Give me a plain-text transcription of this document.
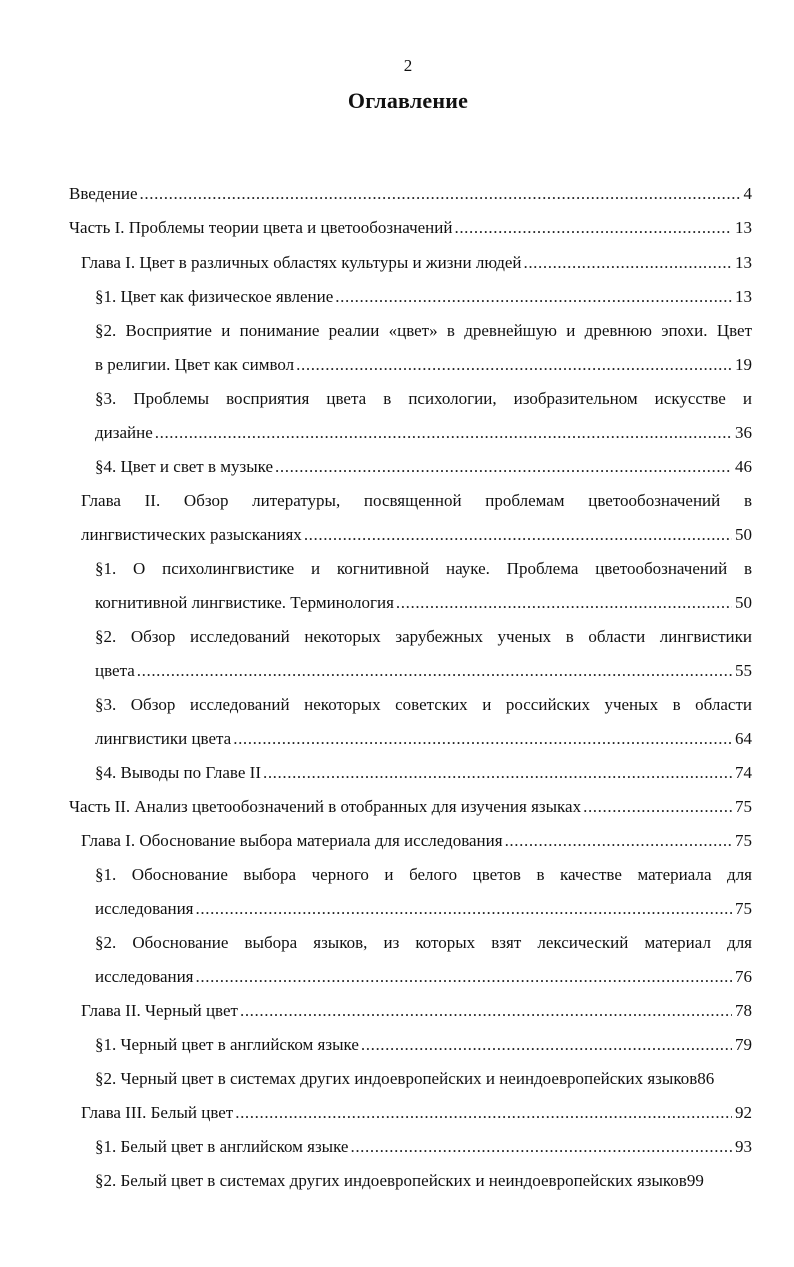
2
Оглавление
Введение .....	4
Часть I. Проблемы теории цвета и цветообозначений .....	13
Глава I. Цвет в различных областях культуры и жизни людей .....	13
§1. Цвет как физическое явление .....	13
§2. Восприятие и понимание реалии «цвет» в древнейшую и древнюю эпохи. Цвет
в религии. Цвет как символ .....	19
§3. Проблемы восприятия цвета в психологии, изобразительном искусстве и
дизайне .....	36
§4. Цвет и свет в музыке .....	46
Глава II. Обзор литературы, посвященной проблемам цветообозначений в
лингвистических разысканиях .....	50
§1. О психолингвистике и когнитивной науке. Проблема цветообозначений в
когнитивной лингвистике. Терминология .....	50
§2. Обзор исследований некоторых зарубежных ученых в области лингвистики
цвета .....	55
§3. Обзор исследований некоторых советских и российских ученых в области
лингвистики цвета .....	64
§4. Выводы по Главе II .....	74
Часть II. Анализ цветообозначений в отобранных для изучения языках .....	75
Глава I. Обоснование выбора материала для исследования .....	75
§1. Обоснование выбора черного и белого цветов в качестве материала для
исследования .....	75
§2. Обоснование выбора языков, из которых взят лексический материал для
исследования .....	76
Глава II. Черный цвет .....	78
§1. Черный цвет в английском языке .....	79
§2. Черный цвет в системах других индоевропейских и неиндоевропейских языков 86
Глава III. Белый цвет .....	92
§1. Белый цвет в английском языке .....	93
§2. Белый цвет в системах других индоевропейских и неиндоевропейских языков 99
